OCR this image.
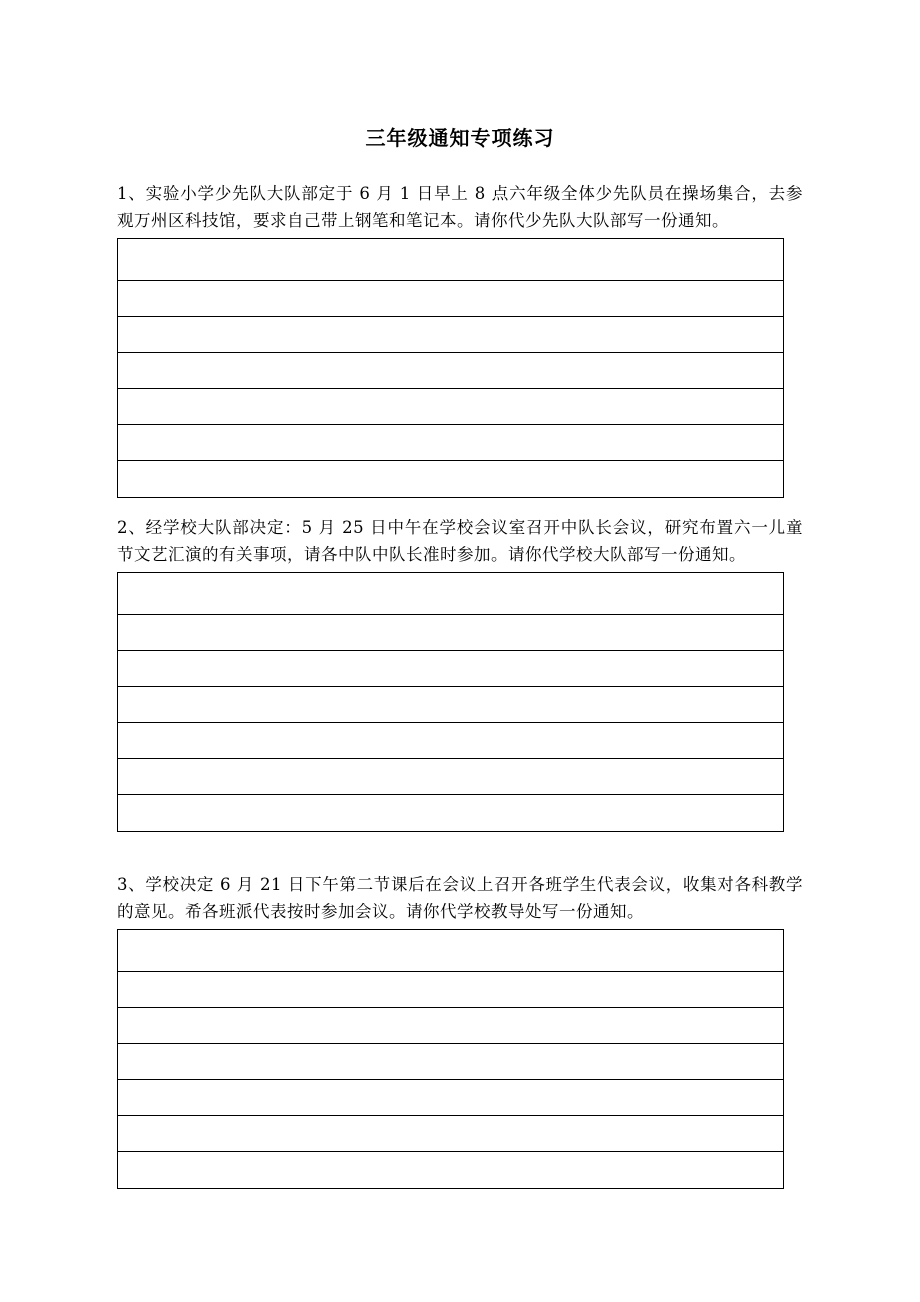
三年级通知专项练习

1、实验小学少先队大队部定于 6 月 1 日早上 8 点六年级全体少先队员在操场集合，去参观万州区科技馆，要求自己带上钢笔和笔记本。请你代少先队大队部写一份通知。

2、经学校大队部决定：5 月 25 日中午在学校会议室召开中队长会议，研究布置六一儿童节文艺汇演的有关事项，请各中队中队长准时参加。请你代学校大队部写一份通知。

3、学校决定 6 月 21 日下午第二节课后在会议上召开各班学生代表会议，收集对各科教学的意见。希各班派代表按时参加会议。请你代学校教导处写一份通知。
